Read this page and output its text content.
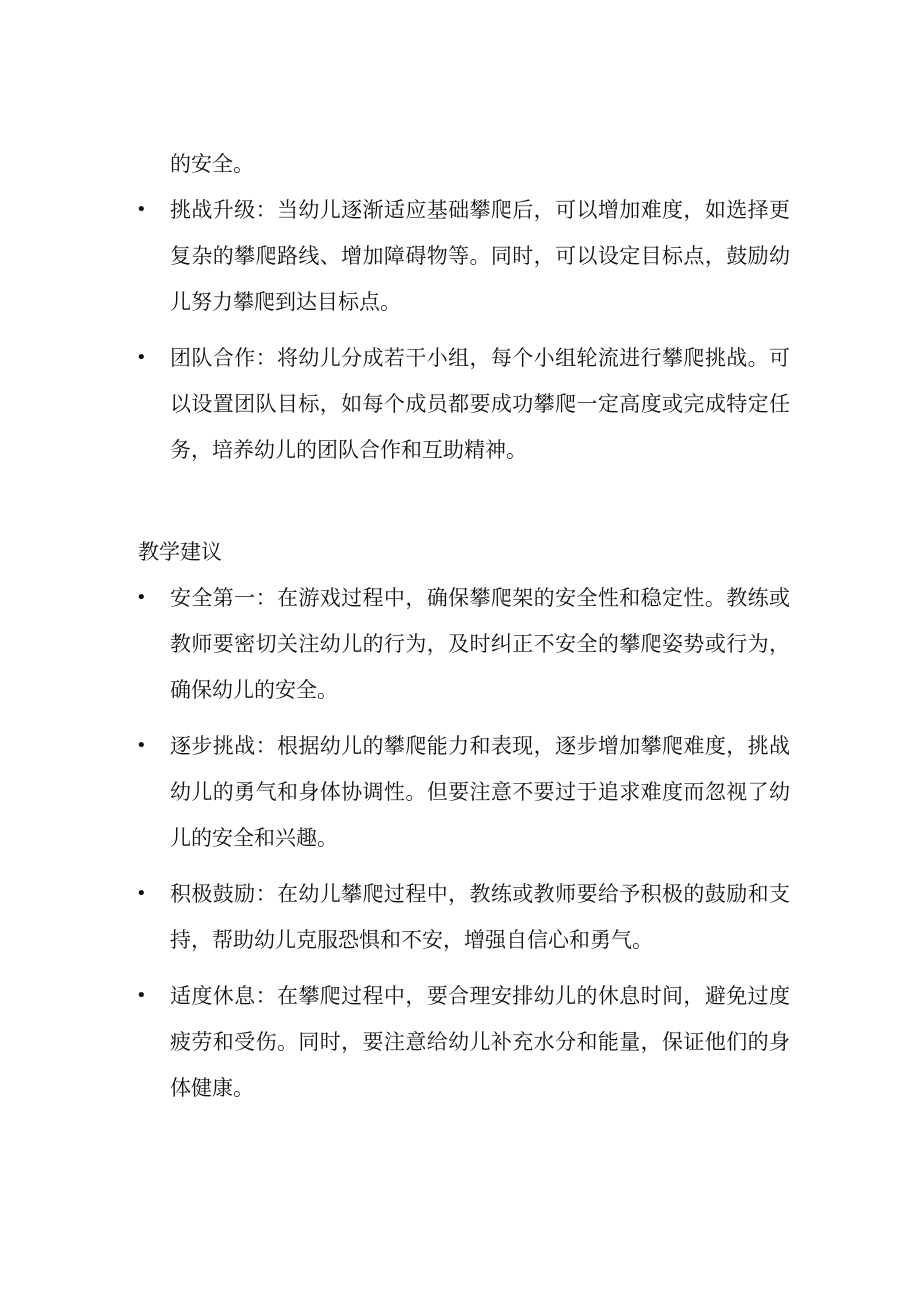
的安全。

•	挑战升级：当幼儿逐渐适应基础攀爬后，可以增加难度，如选择更复杂的攀爬路线、增加障碍物等。同时，可以设定目标点，鼓励幼儿努力攀爬到达目标点。
•	团队合作：将幼儿分成若干小组，每个小组轮流进行攀爬挑战。可以设置团队目标，如每个成员都要成功攀爬一定高度或完成特定任务，培养幼儿的团队合作和互助精神。
教学建议
•	安全第一：在游戏过程中，确保攀爬架的安全性和稳定性。教练或教师要密切关注幼儿的行为，及时纠正不安全的攀爬姿势或行为，确保幼儿的安全。
•	逐步挑战：根据幼儿的攀爬能力和表现，逐步增加攀爬难度，挑战幼儿的勇气和身体协调性。但要注意不要过于追求难度而忽视了幼儿的安全和兴趣。
•	积极鼓励：在幼儿攀爬过程中，教练或教师要给予积极的鼓励和支持，帮助幼儿克服恐惧和不安，增强自信心和勇气。
•	适度休息：在攀爬过程中，要合理安排幼儿的休息时间，避免过度疲劳和受伤。同时，要注意给幼儿补充水分和能量，保证他们的身体健康。
